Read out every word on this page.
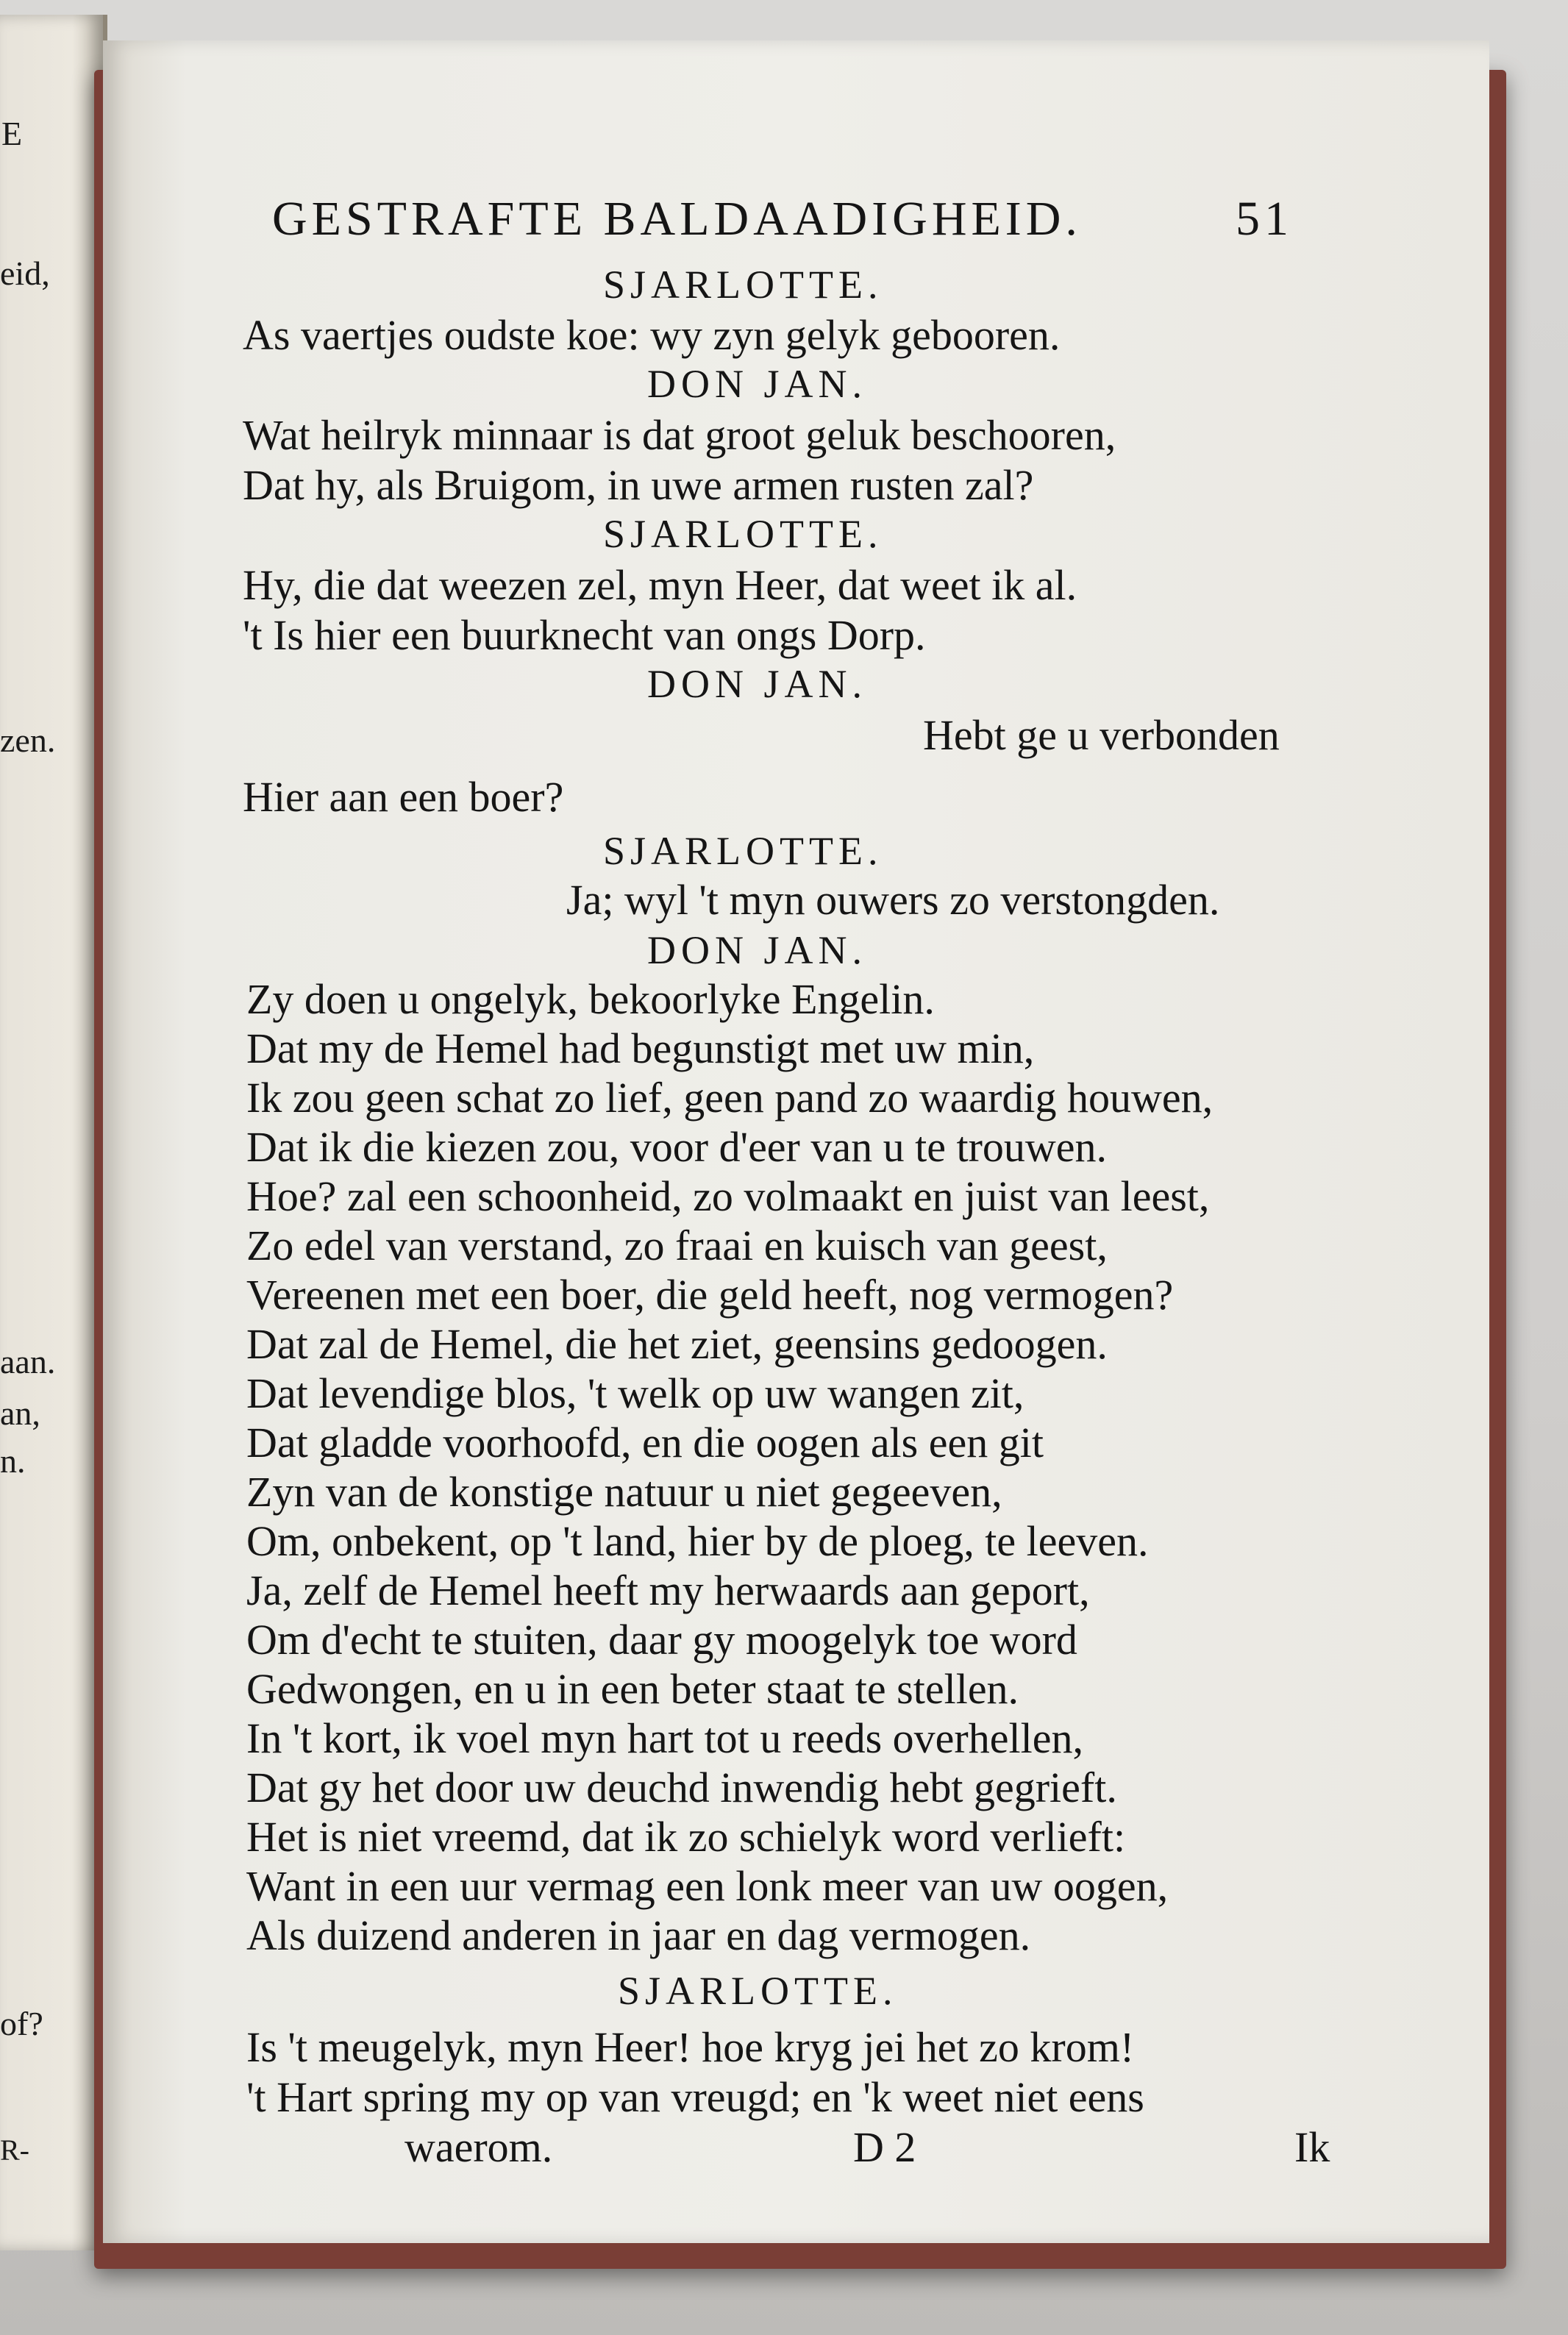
E
eid,
zen.
aan.
an,
n.
of?
R-
GESTRAFTE BALDAADIGHEID.	51
SJARLOTTE.
As vaertjes oudste koe: wy zyn gelyk gebooren.
DON JAN.
Wat heilryk minnaar is dat groot geluk beschooren,
Dat hy, als Bruigom, in uwe armen rusten zal?
SJARLOTTE.
Hy, die dat weezen zel, myn Heer, dat weet ik al.
't Is hier een buurknecht van ongs Dorp.
DON JAN.
Hebt ge u verbonden
Hier aan een boer?
SJARLOTTE.
Ja; wyl 't myn ouwers zo verstongden.
DON JAN.
Zy doen u ongelyk, bekoorlyke Engelin.
Dat my de Hemel had begunstigt met uw min,
Ik zou geen schat zo lief, geen pand zo waardig houwen,
Dat ik die kiezen zou, voor d'eer van u te trouwen.
Hoe? zal een schoonheid, zo volmaakt en juist van leest,
Zo edel van verstand, zo fraai en kuisch van geest,
Vereenen met een boer, die geld heeft, nog vermogen?
Dat zal de Hemel, die het ziet, geensins gedoogen.
Dat levendige blos, 't welk op uw wangen zit,
Dat gladde voorhoofd, en die oogen als een git
Zyn van de konstige natuur u niet gegeeven,
Om, onbekent, op 't land, hier by de ploeg, te leeven.
Ja, zelf de Hemel heeft my herwaards aan geport,
Om d'echt te stuiten, daar gy moogelyk toe word
Gedwongen, en u in een beter staat te stellen.
In 't kort, ik voel myn hart tot u reeds overhellen,
Dat gy het door uw deuchd inwendig hebt gegrieft.
Het is niet vreemd, dat ik zo schielyk word verlieft:
Want in een uur vermag een lonk meer van uw oogen,
Als duizend anderen in jaar en dag vermogen.
SJARLOTTE.
Is 't meugelyk, myn Heer! hoe kryg jei het zo krom!
't Hart spring my op van vreugd; en 'k weet niet eens
waerom.	D 2	Ik
